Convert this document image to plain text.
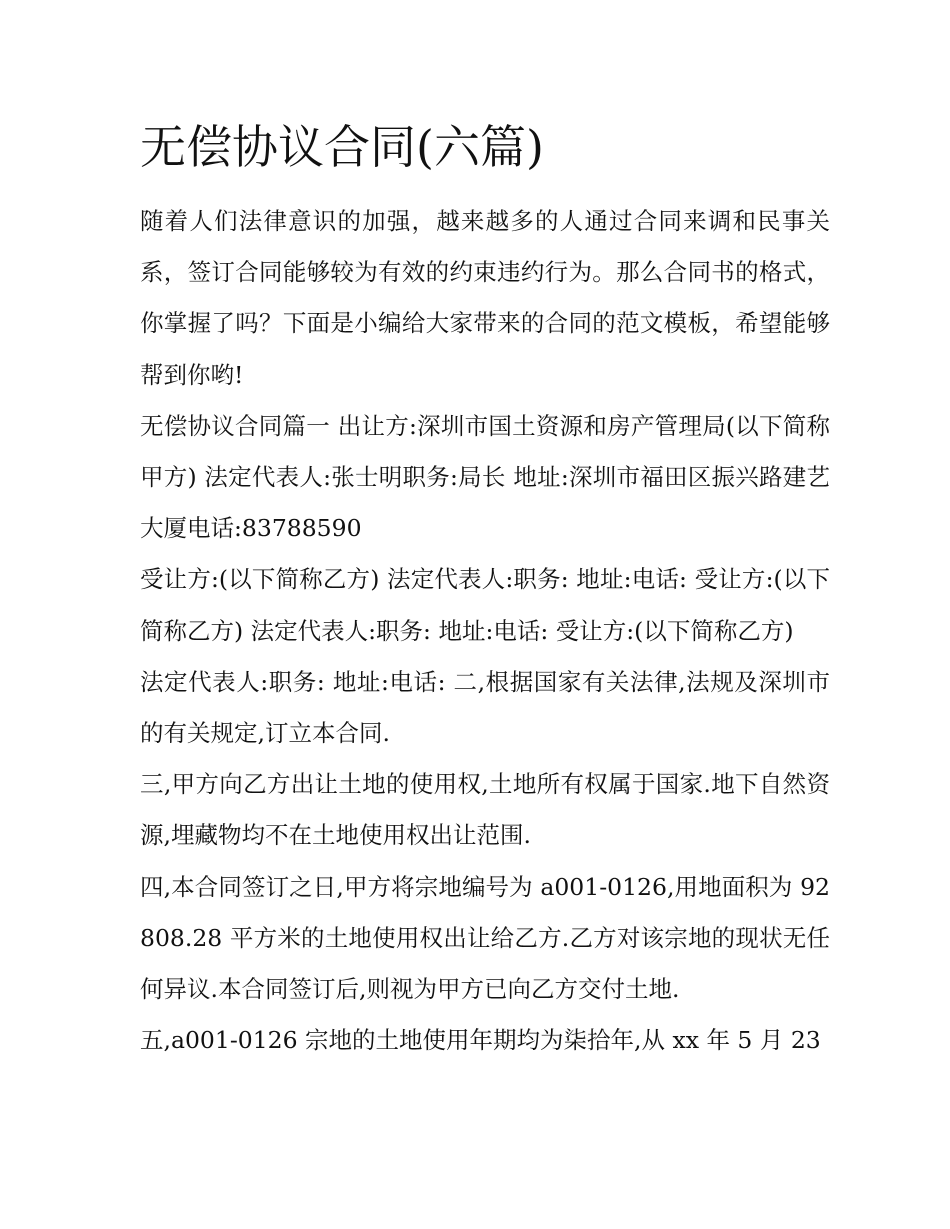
无偿协议合同(六篇)

随着人们法律意识的加强，越来越多的人通过合同来调和民事关系，签订合同能够较为有效的约束违约行为。那么合同书的格式，你掌握了吗？下面是小编给大家带来的合同的范文模板，希望能够帮到你哟!

无偿协议合同篇一 出让方:深圳市国土资源和房产管理局(以下简称甲方) 法定代表人:张士明职务:局长 地址:深圳市福田区振兴路建艺大厦电话:83788590

受让方:(以下简称乙方) 法定代表人:职务: 地址:电话: 受让方:(以下简称乙方) 法定代表人:职务: 地址:电话: 受让方:(以下简称乙方)

法定代表人:职务: 地址:电话: 二,根据国家有关法律,法规及深圳市的有关规定,订立本合同.

三,甲方向乙方出让土地的使用权,土地所有权属于国家.地下自然资源,埋藏物均不在土地使用权出让范围.

四,本合同签订之日,甲方将宗地编号为 a001-0126,用地面积为 92808.28 平方米的土地使用权出让给乙方.乙方对该宗地的现状无任何异议.本合同签订后,则视为甲方已向乙方交付土地.

五,a001-0126 宗地的土地使用年期均为柒拾年,从 xx 年 5 月 23
